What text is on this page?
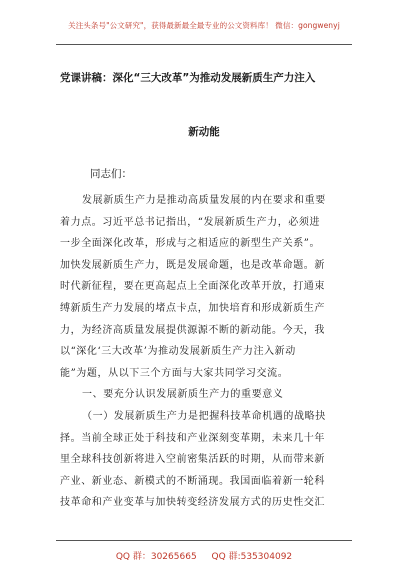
关注头条号"公文研究"，获得最新最全最专业的公文资料库！ 微信：gongwenyj
党课讲稿：深化“三大改革”为推动发展新质生产力注入
新动能
同志们：
发展新质生产力是推动高质量发展的内在要求和重要
着力点。习近平总书记指出，“发展新质生产力，必须进
一步全面深化改革，形成与之相适应的新型生产关系”。
加快发展新质生产力，既是发展命题，也是改革命题。新
时代新征程，要在更高起点上全面深化改革开放，打通束
缚新质生产力发展的堵点卡点，加快培育和形成新质生产
力，为经济高质量发展提供源源不断的新动能。今天，我
以“深化‘三大改革’为推动发展新质生产力注入新动
能”为题，从以下三个方面与大家共同学习交流。
一、要充分认识发展新质生产力的重要意义
（一）发展新质生产力是把握科技革命机遇的战略抉
择。当前全球正处于科技和产业深刻变革期，未来几十年
里全球科技创新将进入空前密集活跃的时期，从而带来新
产业、新业态、新模式的不断涌现。我国面临着新一轮科
技革命和产业变革与加快转变经济发展方式的历史性交汇
QQ 群：30265665 QQ 群:535304092
